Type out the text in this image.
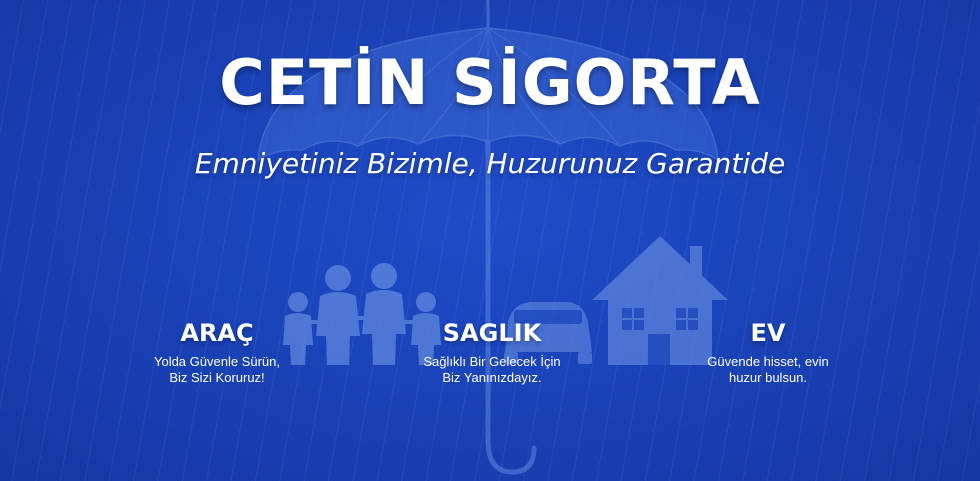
CETİN SİGORTA

Emniyetiniz Bizimle, Huzurunuz Garantide

ARAÇ
Yolda Güvenle Sürün,
Biz Sizi Koruruz!
SAGLIK
Sağlıklı Bir Gelecek İçin
Biz Yanınızdayız.
EV
Güvende hisset, evin
huzur bulsun.
